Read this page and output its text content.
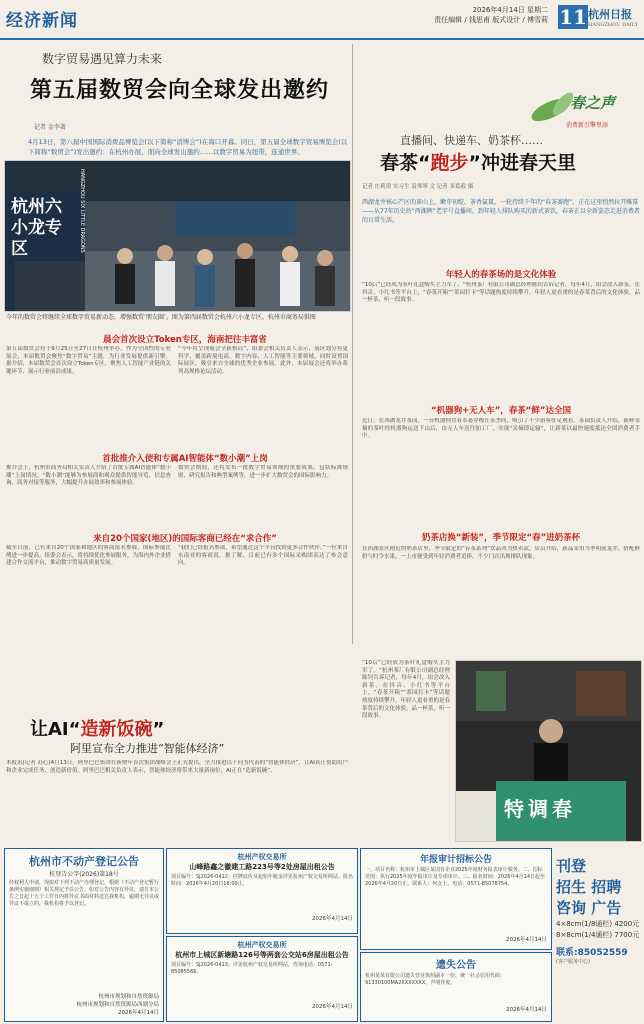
经济新闻
2026年4月14日 星期二
责任编辑 / 钱思甫 版式设计 / 傅雪莉 11 杭州日报
HANGZHOU DAILY
数字贸易遇见算力未来
第五届数贸会向全球发出邀约
记者 金李著
4月13日，第六届中国国际消费品博览会(以下简称“消博会”)在海口开幕。同日，第五届全球数字贸易博览会(以下简称“数贸会”)发出邀约：在杭州办展，面向全球发出邀约……以数字贸易为纽带，连通世界。
杭州六小龙专区	HANGZHOU SIX LITTLE DRAGONS
今年的数贸会将继续全球数字贸易新动态，增强数贸‘朋友圈’。图为第四届数贸会杭州六小龙专区。杭州市商务局供图
晨会首次设立Token专区，海南把往丰富省
第五届数贸会将于9月25日至27日在杭州举办。作为全国性的专业展会，本届数贸会聚焦“数字贸易”主题，为行业发展提供新引擎。据介绍，本届数贸会首次设立Token专区，聚焦人工智能产业链的关键环节，展示行业前沿成果。
“今年将呈现展会全新格局”，组委会相关负责人表示，展区划分将更科学，覆盖跨境电商、数字内容、人工智能等主要领域，同时设置国际展区，吸引来自全球的优秀企业参展。此外，本届展会还将举办系列高规格论坛活动。
首批推介入使和专属AI智能体“数小潮”上岗
推介会上，杭州市商务局相关负责人介绍了首批专属AI智能体“数小潮”上岗情况。“数小潮”能够为参展商和观众提供智能导览、信息查询、商务对接等服务，大幅提升办展效率和参展体验。
数贸会期间，还将发布一批数字贸易领域的重要成果，包括标准规则、研究报告和典型案例等，进一步扩大数贸会的国际影响力。
来自20个国家(地区)的国际客商已经在“求合作”
截至目前，已有来自20个国家和地区的客商报名参展，国际参展比例进一步提高。组委会表示，将持续优化参展服务，为海内外企业搭建合作交流平台，推动数字贸易高质量发展。
“我们已经报名参展，希望通过这个平台找到更多合作伙伴。”一位来自东南亚的客商说。据了解，目前已有多个国际采购团表达了参会意向。
让AI“造新饭碗”
阿里宣布全力推进“智能体经济”
本报讯(记者 苏心)4月13日，阿里巴巴集团在新财年首次集团战略会上正式提出，全力推进以千问为代表的“智能体经济”，让AI真正帮助用户和企业完成任务、创造新价值。阿里巴巴相关负责人表示，智能体经济将带来大量新岗位，AI正在“造新饭碗”。
春之声
消费新引擎里添
直播间、快递车、奶茶杯……
春茶“跑步”冲进春天里
记者 庄莉璟 实习生 袁琴琴 文 记者 多葛毅 摄
西湖龙井核心产区的茶山上，嫩芽初绽，茶香氤氲。一轮持续千年的“春茶赛跑”，正在这里悄然拉开帷幕——从77年历史的“西湖牌”老字号直播间，到年轻人排队购买的新式茶饮，春茶正以全新姿态走进消费者的日常生活。
年轻人的春茶场的是文化体验
“10后”已经成为茶叶礼盒购买主力军了。“杭州茶厂有限公司副总经理陈钊告诉记者，每年4月，组会改入新茶。在抖音、小红书等平台上，“春茶开箱”“茶园打卡”等话题热度持续攀升。年轻人更看重的是春茶背后的文化体验，品一杯茶，听一段故事。
“机器狗+无人车”，春茶“鲜”达全国
近日，在西湖龙井茶园，一台机器狗背着茶篓穿梭在茶垄间，吸引了不少游客驻足观看。茶园负责人介绍，新鲜采摘的茶叶经机器狗运送下山后，由无人车送往加工厂，实现“采摘即运输”，让新茶以最快速度抵达全国消费者手中。
奶茶店换“新装”，季节限定“春”进奶茶杯
在西湖景区附近的奶茶店里，季节限定的“春茶系列”饮品成为热卖款。店员介绍，新品采用当季明前龙井，搭配鲜奶与时令水果，一上市便受到年轻消费者追捧，不少门店出现排队现象。
“10后”已经成为茶叶礼盒购买主力军了。“杭州茶厂有限公司副总经理陈钊告诉记者，每年4月，组会改入新茶。在抖音、小红书等平台上，“春茶开箱”“茶园打卡”等话题热度持续攀升。年轻人更看重的是春茶背后的文化体验，品一杯茶，听一段故事。
特调春
杭州市不动产登记公告
杭登告公字(2026)第18号
经权利人申请，现拟对下列不动产办理登记，根据《不动产登记暂行条例实施细则》相关规定予以公告。如对公告内容有异议，请自本公告之日起十五个工作日内将异议书面材料送达我机构。逾期无异议或异议不成立的，我机构将予以登记。
杭州市规划和自然资源局
杭州市规划和自然资源局西湖分局
2026年4月14日
杭州产权交易所
山峰路鑫之徽建工路223号等2处房屋出租公告
项目编号：SJ2026-0412；挂牌底价及起始年租金详见杭州产权交易所网站。报名时间：2026年4月20日16:00止。
2026年4月14日
杭州产权交易所
杭州市上城区新塘路126号等两套公交站6房屋出租公告
项目编号：SJ2026-0413；详见杭州产权交易所网站，咨询电话：0571-85085566。
2026年4月14日
年报审计招标公告
一、项目名称：杭州市上城区某国有企业2025年度财务报表审计服务。二、招标范围：执行2025年度年报审计及专项审计。三、报名时间：2026年4月14日起至2026年4月20日止。联系人：何女士，电话：0571-85078754。
2026年4月14日
遗失公告
杭州某某有限公司遗失营业执照副本一份，统一社会信用代码：91330100MA2XXXXXXX，声明作废。
2026年4月14日
刊登
招生 招聘
咨询 广告
4×8cm(1/8通栏) 4200元
8×8cm(1/4通栏) 7700元
联系:85052559
(客户服务中心)
